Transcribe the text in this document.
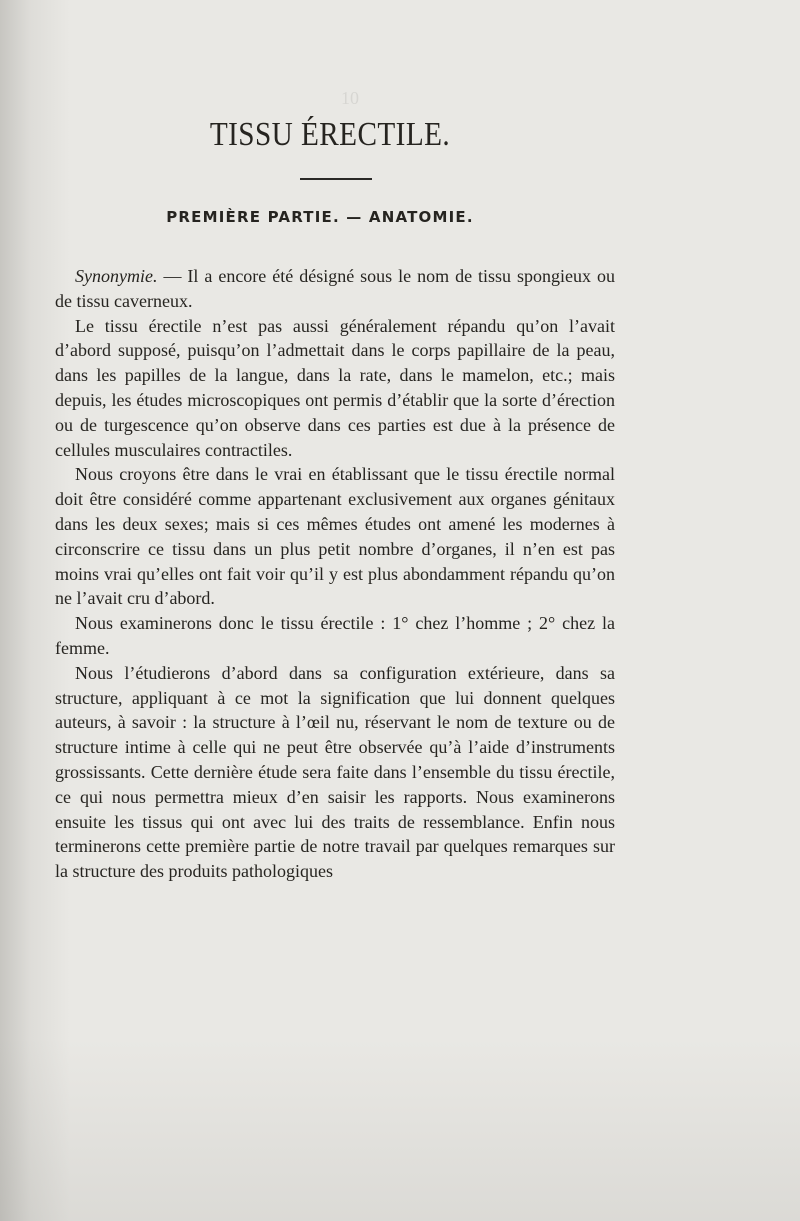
10
TISSU ÉRECTILE.
PREMIÈRE PARTIE. — ANATOMIE.

Synonymie. — Il a encore été désigné sous le nom de tissu spongieux ou de tissu caverneux.

Le tissu érectile n’est pas aussi généralement répandu qu’on l’avait d’abord supposé, puisqu’on l’admettait dans le corps papillaire de la peau, dans les papilles de la langue, dans la rate, dans le mamelon, etc.; mais depuis, les études microscopiques ont permis d’établir que la sorte d’érection ou de turgescence qu’on observe dans ces parties est due à la présence de cellules musculaires contractiles.

Nous croyons être dans le vrai en établissant que le tissu érectile normal doit être considéré comme appartenant exclusivement aux organes génitaux dans les deux sexes; mais si ces mêmes études ont amené les modernes à circonscrire ce tissu dans un plus petit nombre d’organes, il n’en est pas moins vrai qu’elles ont fait voir qu’il y est plus abondamment répandu qu’on ne l’avait cru d’abord.

Nous examinerons donc le tissu érectile : 1° chez l’homme ; 2° chez la femme.

Nous l’étudierons d’abord dans sa configuration extérieure, dans sa structure, appliquant à ce mot la signification que lui donnent quelques auteurs, à savoir : la structure à l’œil nu, réservant le nom de texture ou de structure intime à celle qui ne peut être observée qu’à l’aide d’instruments grossissants. Cette dernière étude sera faite dans l’ensemble du tissu érectile, ce qui nous permettra mieux d’en saisir les rapports. Nous examinerons ensuite les tissus qui ont avec lui des traits de ressemblance. Enfin nous terminerons cette première partie de notre travail par quelques remarques sur la structure des produits pathologiques
